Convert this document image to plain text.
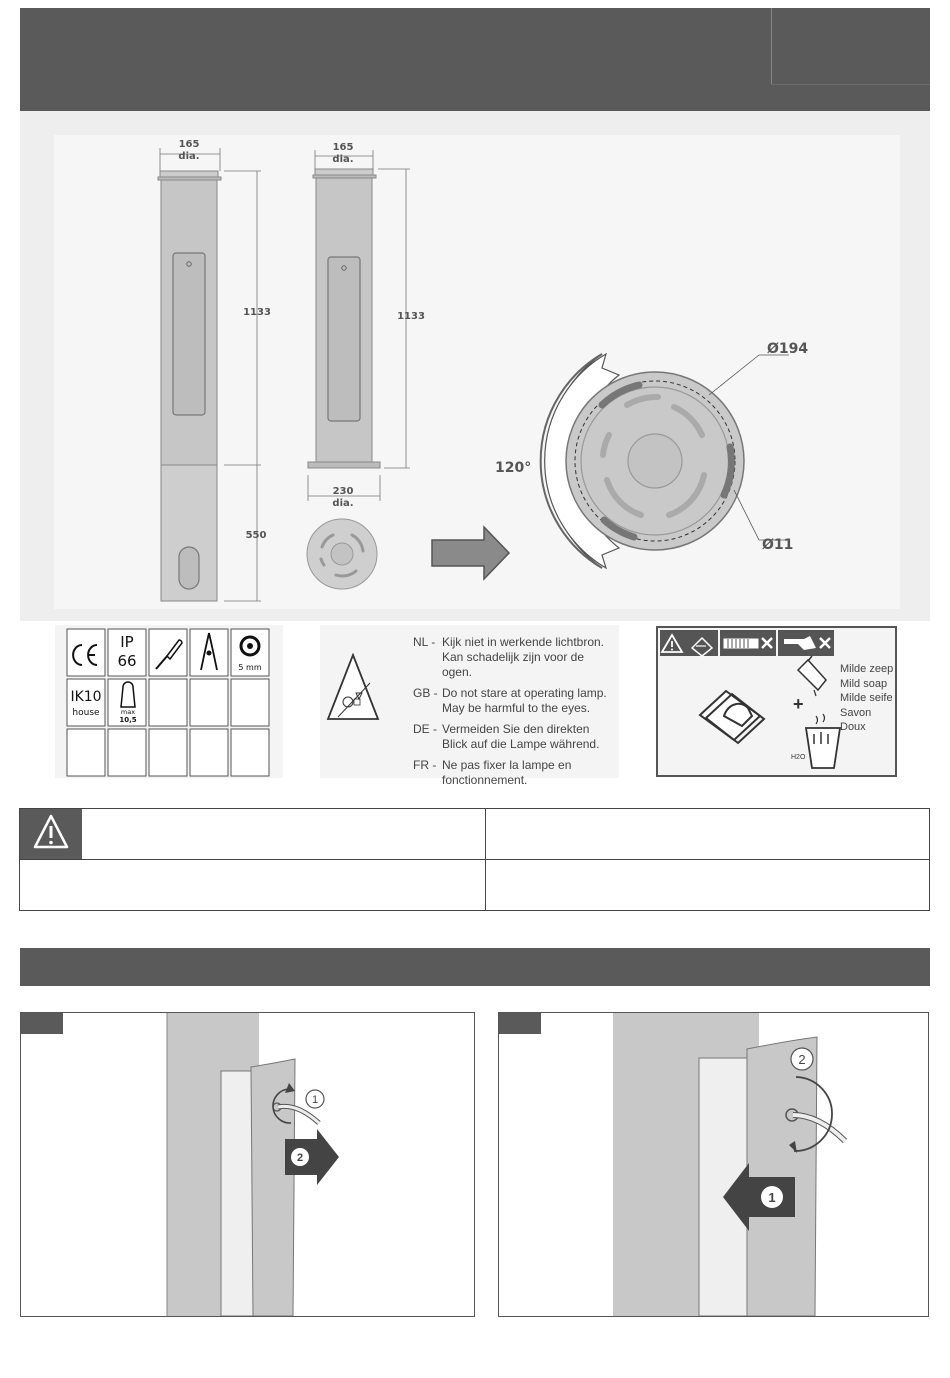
165
dia.
1133
550
165
dia.
1133
230
dia.
Ø194
Ø11
120°
IP
66	5 mm
IK10
house	max
10,5
NL - Kijk niet in werkende lichtbron.
Kan schadelijk zijn voor de ogen.
GB - Do not stare at operating lamp.
May be harmful to the eyes.
DE - Vermeiden Sie den direkten
Blick auf die Lampe während.
FR - Ne pas fixer la lampe en
fonctionnement.
+
H2O
Milde zeep
Mild soap
Milde seife
Savon Doux
1
2
2
1
